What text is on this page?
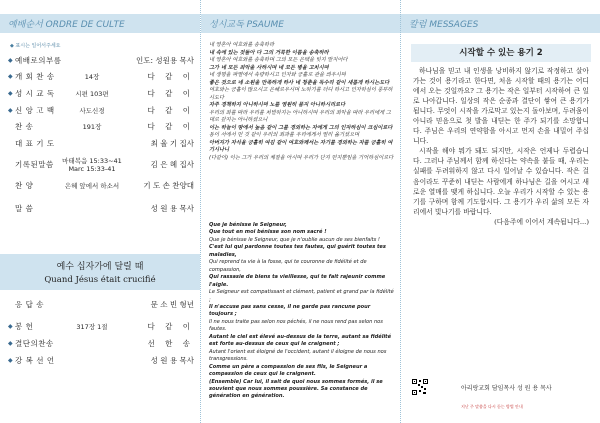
예배순서 ORDRE DE CULTE
◆ 표시는 일어서주세요
◆ 예배로의부름	인도: 성원용 목사
◆ 개 회 찬 송	14장	다 같 이
◆ 성 시 교 독	시편 103편	다 같 이
◆ 신 앙 고 백	사도신경	다 같 이
찬 송	191장	다 같 이
대 표 기 도	최 율 기 집사
기록된말씀	마태복음 15:33~41
Marc 15:33-41	김 은 혜 집사
찬 양	은혜 앞에서 하소서	기 도 손 찬양대
말 씀	성 원 용 목사
예수 십자가에 달릴 때
Quand Jésus était crucifié
응 답 송	문 소 빈 형년
◆ 봉 헌	317장 1절	다 같 이
◆ 결단의찬송	선 한 송
◆ 강 복 선 언	성 원 용 목사
성시교독 PSAUME

내 영혼아 여호와를 송축하라

내 속에 있는 것들아 다 그의 거룩한 이름을 송축하라

내 영혼아 여호와를 송축하며 그의 모든 은택을 잊지 말지어다

그가 네 모든 죄악을 사하시며 네 모든 병을 고치시며

네 생명을 파멸에서 속량하시고 인자와 긍휼로 관을 씌우시며

좋은 것으로 네 소원을 만족하게 하사 네 청춘을 독수리 같이 새롭게 하시는도다

여호와는 긍휼이 많으시고 은혜로우시며 노하기를 더디 하시고 인자하심이 풍부하시도다

자주 경책하지 아니하시며 노를 영원히 품지 아니하시리로다

우리의 죄를 따라 우리를 처벌하지는 아니하시며 우리의 죄악을 따라 우리에게 그대로 갚지는 아니하셨으니

이는 하늘이 땅에서 높음 같이 그를 경외하는 자에게 그의 인자하심이 크심이로다

동이 서에서 먼 것 같이 우리의 죄과를 우리에게서 멀리 옮기셨으며

아버지가 자식을 긍휼히 여김 같이 여호와께서는 자기를 경외하는 자를 긍휼히 여기시나니

(다같이) 이는 그가 우리의 체질을 아시며 우리가 단지 먼지뿐임을 기억하심이로다

Que je bénisse le Seigneur,

Que tout en moi bénisse son nom sacré !

Que je bénisse le Seigneur, que je n'oublie aucun de ses bienfaits !

C'est lui qui pardonne toutes tes fautes, qui guérit toutes tes maladies,

Qui reprend ta vie à la fosse, qui te couronne de fidélité et de compassion,

Qui rassasie de biens ta vieillesse, qui te fait rajeunir comme l'aigle.

Le Seigneur est compatissant et clément, patient et grand par la fidélité ;

Il n'accuse pas sans cesse, il ne garde pas rancune pour toujours ;

Il ne nous traite pas selon nos péchés, il ne nous rend pas selon nos fautes.

Autant le ciel est élevé au-dessus de la terre, autant sa fidélité est forte au-dessus de ceux qui le craignent ;

Autant l'orient est éloigné de l'occident, autant il éloigne de nous nos transgressions.

Comme un père a compassion de ses fils, le Seigneur a compassion de ceux qui le craignent.

(Ensemble) Car lui, il sait de quoi nous sommes formés, il se souvient que nous sommes poussière. Sa constance de génération en génération.

칼럼 MESSAGES
시작할 수 있는 용기 2

하나님을 믿고 내 인생을 낭비하지 않기로 작정하고 살아가는 것이 용기라고 한다면, 처음 시작할 때의 용기는 어디에서 오는 것일까요? 그 용기는 작은 일부터 시작하여 큰 일로 나아갑니다. 일상의 작은 순종과 결단이 쌓여 큰 용기가 됩니다. 무엇이 시작을 가로막고 있는지 돌아보며, 두려움이 아니라 믿음으로 첫 발을 내딛는 한 주가 되기를 소망합니다. 주님은 우리의 연약함을 아시고 먼저 손을 내밀어 주십니다.

시작을 해야 뭐가 돼도 되지만, 시작은 언제나 두렵습니다. 그러나 주님께서 함께 하신다는 약속을 붙들 때, 우리는 실패를 두려워하지 않고 다시 일어날 수 있습니다. 작은 걸음이라도 꾸준히 내딛는 사람에게 하나님은 길을 여시고 새로운 열매를 맺게 하십니다. 오늘 우리가 시작할 수 있는 용기를 구하며 함께 기도합시다. 그 용기가 우리 삶의 모든 자리에서 빛나기를 바랍니다.

(다음주에 이어서 계속됩니다...)

아리랑교회 담임목사 성 원 용 목사
지난 주 말씀을 다시 듣는 방법 안내
